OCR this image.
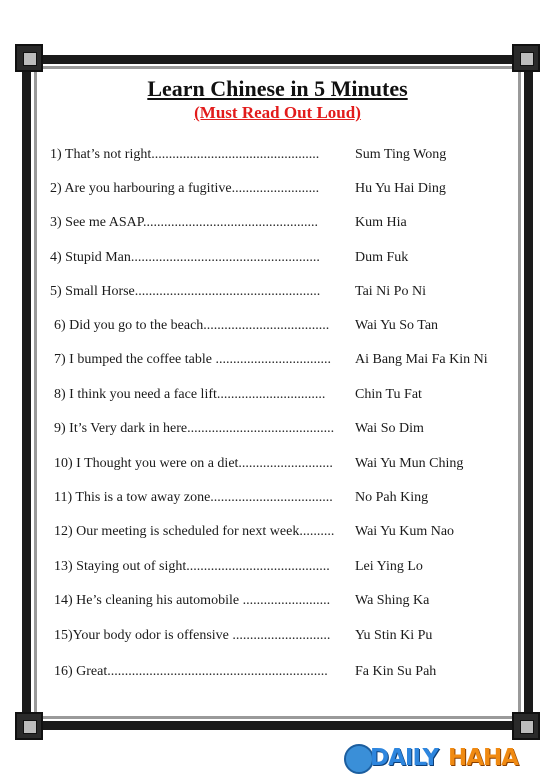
Learn Chinese in 5 Minutes
(Must Read Out Loud)
1) That’s not right................................................	Sum Ting Wong
2) Are you harbouring a fugitive.........................	Hu Yu Hai Ding
3) See me ASAP..................................................	Kum Hia
4) Stupid Man......................................................	Dum Fuk
5) Small Horse..................................................... Tai Ni Po Ni
6) Did you go to the beach.................................... Wai Yu So Tan
7) I bumped the coffee table ................................. Ai Bang Mai Fa Kin Ni
8) I think you need a face lift............................... Chin Tu Fat
9) It’s Very dark in here.......................................... Wai So Dim
10) I Thought you were on a diet........................... Wai Yu Mun Ching
11) This is a tow away zone................................... No Pah King
12) Our meeting is scheduled for next week.......... Wai Yu Kum Nao
13) Staying out of sight......................................... Lei Ying Lo
14) He’s cleaning his automobile ......................... Wa Shing Ka
15)Your body odor is offensive ............................ Yu Stin Ki Pu
16) Great............................................................... Fa Kin Su Pah
DAILY HAHA
